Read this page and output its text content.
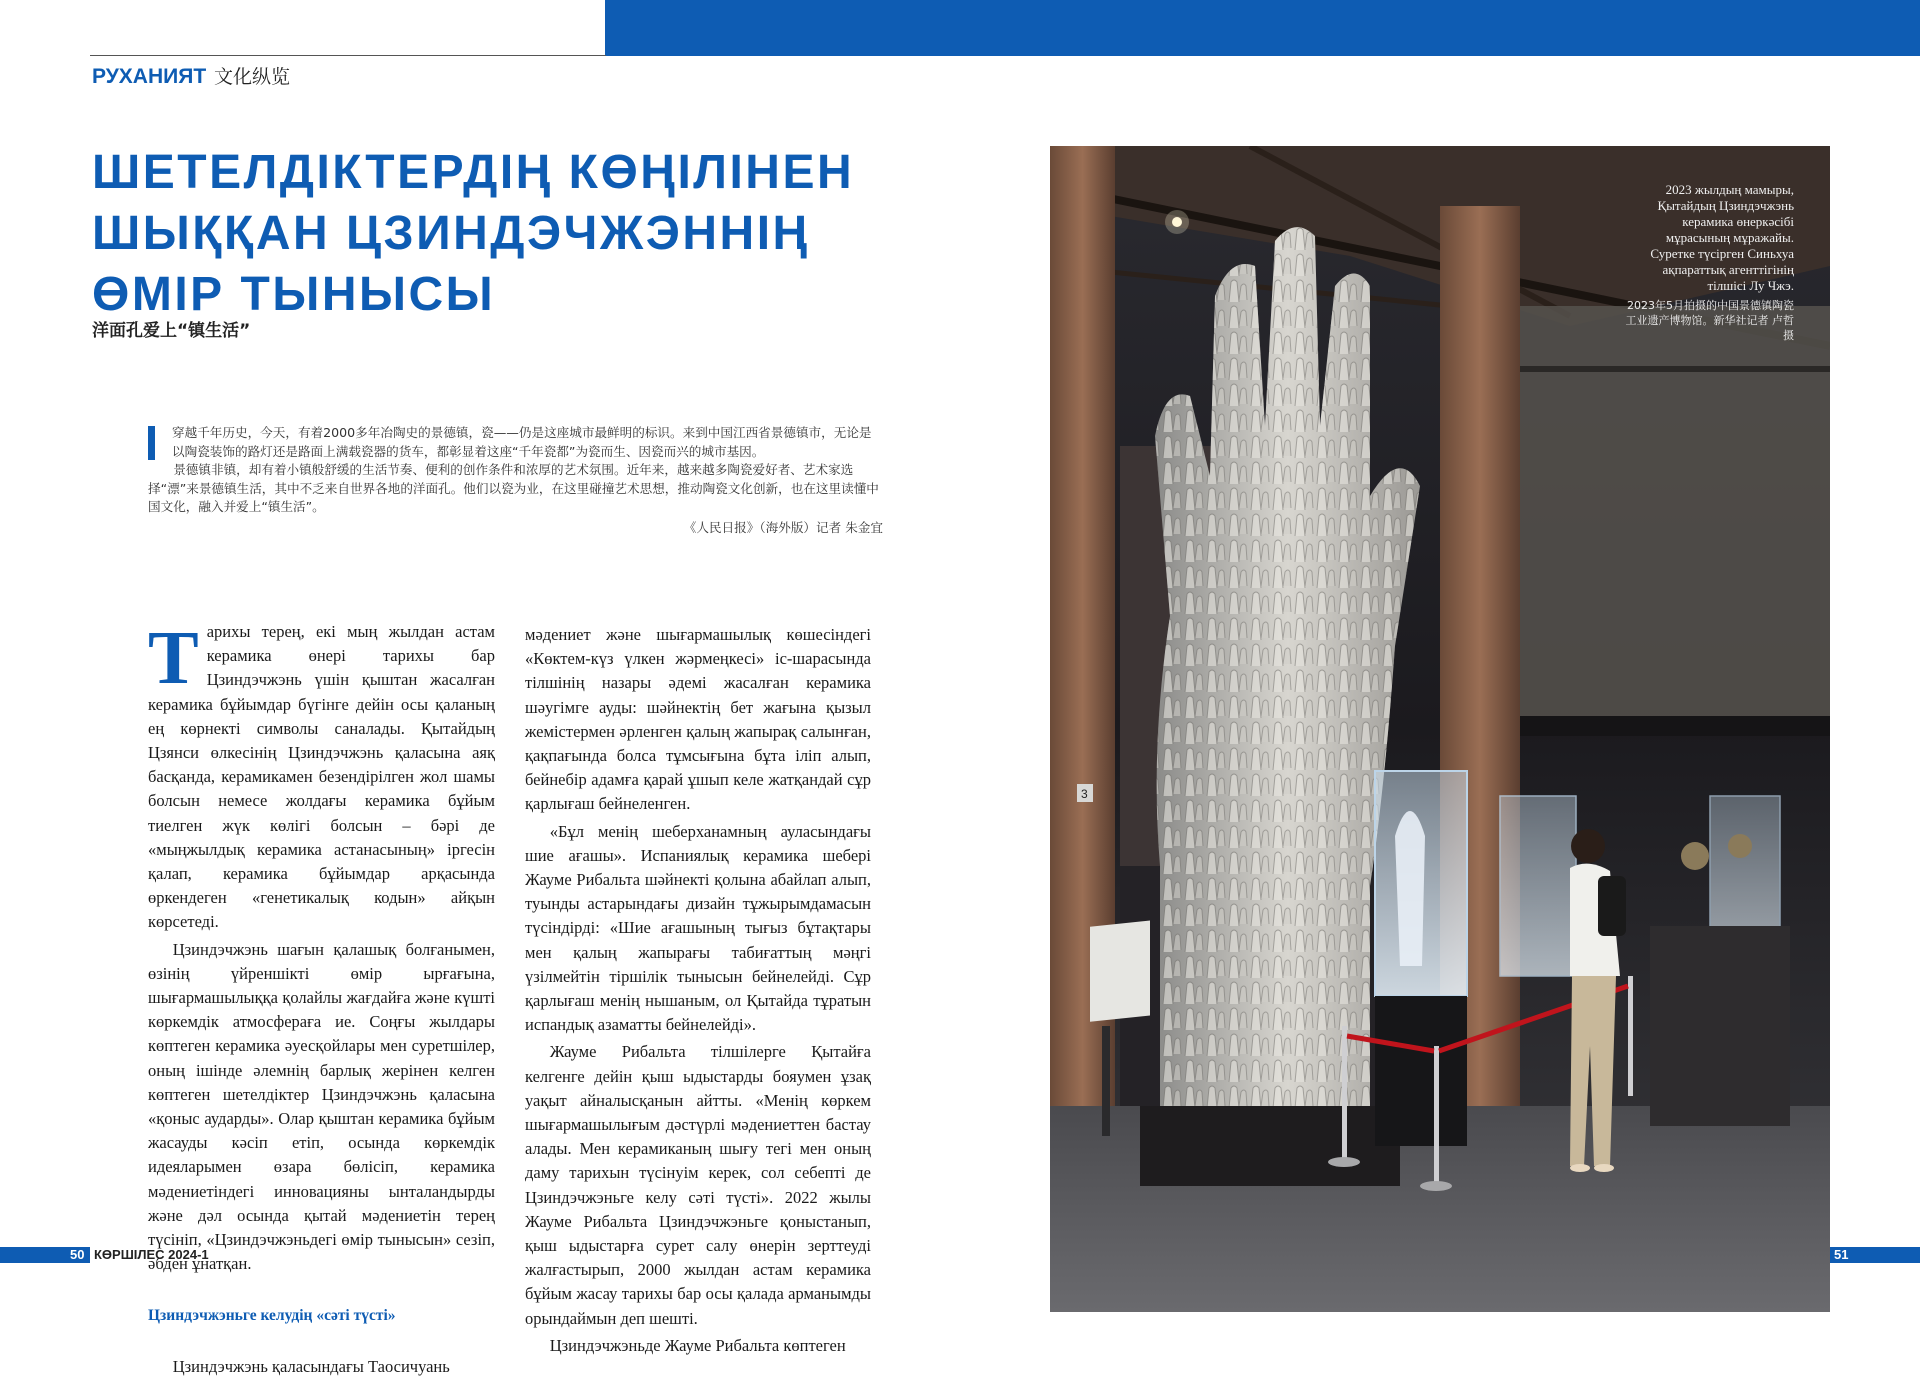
РУХАНИЯТ 文化纵览
ШЕТЕЛДІКТЕРДІҢ КӨҢІЛІНЕН ШЫҚҚАН ЦЗИНДЭЧЖЭННІҢ ӨМІР ТЫНЫСЫ
洋面孔爱上“镇生活”

穿越千年历史，今天，有着2000多年冶陶史的景德镇，瓷——仍是这座城市最鲜明的标识。来到中国江西省景德镇市，无论是以陶瓷装饰的路灯还是路面上满载瓷器的货车，都彰显着这座“千年瓷都”为瓷而生、因瓷而兴的城市基因。

景德镇非镇，却有着小镇般舒缓的生活节奏、便利的创作条件和浓厚的艺术氛围。近年来，越来越多陶瓷爱好者、艺术家选择“漂”来景德镇生活，其中不乏来自世界各地的洋面孔。他们以瓷为业，在这里碰撞艺术思想，推动陶瓷文化创新，也在这里读懂中国文化，融入并爱上“镇生活”。

《人民日报》（海外版）记者 朱金宜

Тарихы терең, екі мың жылдан астам керамика өнері тарихы бар Цзиндэчжэнь үшін қыштан жасалған керамика бұйымдар бүгінге дейін осы қаланың ең көрнекті символы саналады. Қытайдың Цзянси өлкесінің Цзиндэчжэнь қаласына аяқ басқанда, керамикамен безендірілген жол шамы болсын немесе жолдағы керамика бұйым тиелген жүк көлігі болсын – бәрі де «мыңжылдық керамика астанасының» іргесін қалап, керамика бұйымдар арқасында өркендеген «генетикалық кодын» айқын көрсетеді.

Цзиндэчжэнь шағын қалашық болғанымен, өзінің үйреншікті өмір ырғағына, шығармашылыққа қолайлы жағдайға және күшті көркемдік атмосфераға ие. Соңғы жылдары көптеген керамика әуесқойлары мен суретшілер, оның ішінде әлемнің барлық жерінен келген көптеген шетелдіктер Цзиндэчжэнь қаласына «қоныс аударды». Олар қыштан керамика бұйым жасауды кәсіп етіп, осында көркемдік идеяларымен өзара бөлісіп, керамика мәдениетіндегі инновацияны ынталандырды және дәл осында қытай мәдениетін терең түсініп, «Цзиндэчжэньдегі өмір тынысын» сезіп, әбден ұнатқан.

Цзиндэчжэньге келудің «сәті түсті»

Цзиндэчжэнь қаласындағы Таосичуань

мәдениет және шығармашылық көшесіндегі «Көктем-күз үлкен жәрмеңкесі» іс-шарасында тілшінің назары әдемі жасалған керамика шәугімге ауды: шәйнектің бет жағына қызыл жемістермен әрленген қалың жапырақ салынған, қақпағында болса тұмсығына бұта іліп алып, бейнебір адамға қарай ұшып келе жатқандай сұр қарлығаш бейнеленген.

«Бұл менің шеберханамның ауласындағы шие ағашы». Испаниялық керамика шебері Жауме Рибальта шәйнекті қолына абайлап алып, туынды астарындағы дизайн тұжырымдамасын түсіндірді: «Шие ағашының тығыз бұтақтары мен қалың жапырағы табиғаттың мәңгі үзілмейтін тіршілік тынысын бейнелейді. Сұр қарлығаш менің нышаным, ол Қытайда тұратын испандық азаматты бейнелейді».

Жауме Рибальта тілшілерге Қытайға келгенге дейін қыш ыдыстарды бояумен ұзақ уақыт айналысқанын айтты. «Менің көркем шығармашылығым дәстүрлі мәдениеттен бастау алады. Мен керамиканың шығу тегі мен оның даму тарихын түсінуім керек, сол себепті де Цзиндэчжэньге келу сәті түсті». 2022 жылы Жауме Рибальта Цзиндэчжэньге қоныстанып, қыш ыдыстарға сурет салу өнерін зерттеуді жалғастырып, 2000 жылдан астам керамика бұйым жасау тарихы бар осы қалада арманымды орындаймын деп шешті.

Цзиндэчжэньде Жауме Рибальта көптеген

3
2023 жылдың мамыры, Қытайдың Цзиндэчжэнь керамика өнеркәсібі мұрасының мұражайы. Суретке түсірген Синьхуа ақпараттық агенттігінің тілшісі Лу Чжэ.
2023年5月拍摄的中国景德镇陶瓷工业遗产博物馆。新华社记者 卢哲 摄
50 КӨРШІЛЕС 2024-1	51
